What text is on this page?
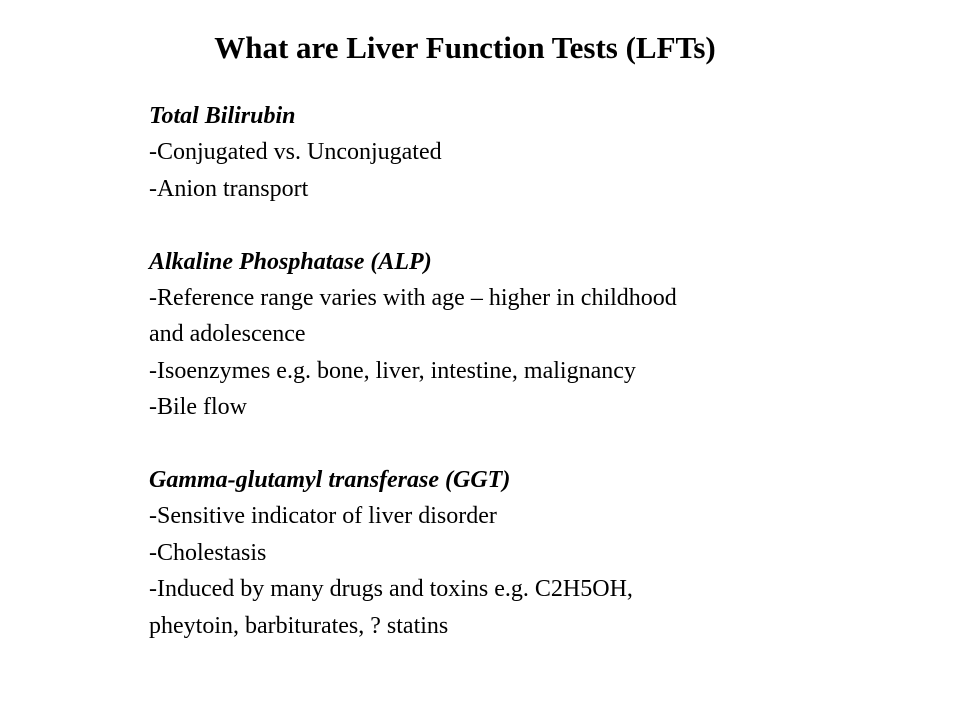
What are Liver Function Tests (LFTs)
Total Bilirubin
-Conjugated vs. Unconjugated
-Anion transport
Alkaline Phosphatase (ALP)
-Reference range varies with age – higher in childhood
and adolescence
-Isoenzymes e.g. bone, liver, intestine, malignancy
-Bile flow
Gamma-glutamyl transferase (GGT)
-Sensitive indicator of liver disorder
-Cholestasis
-Induced by many drugs and toxins e.g. C2H5OH,
pheytoin, barbiturates, ? statins
